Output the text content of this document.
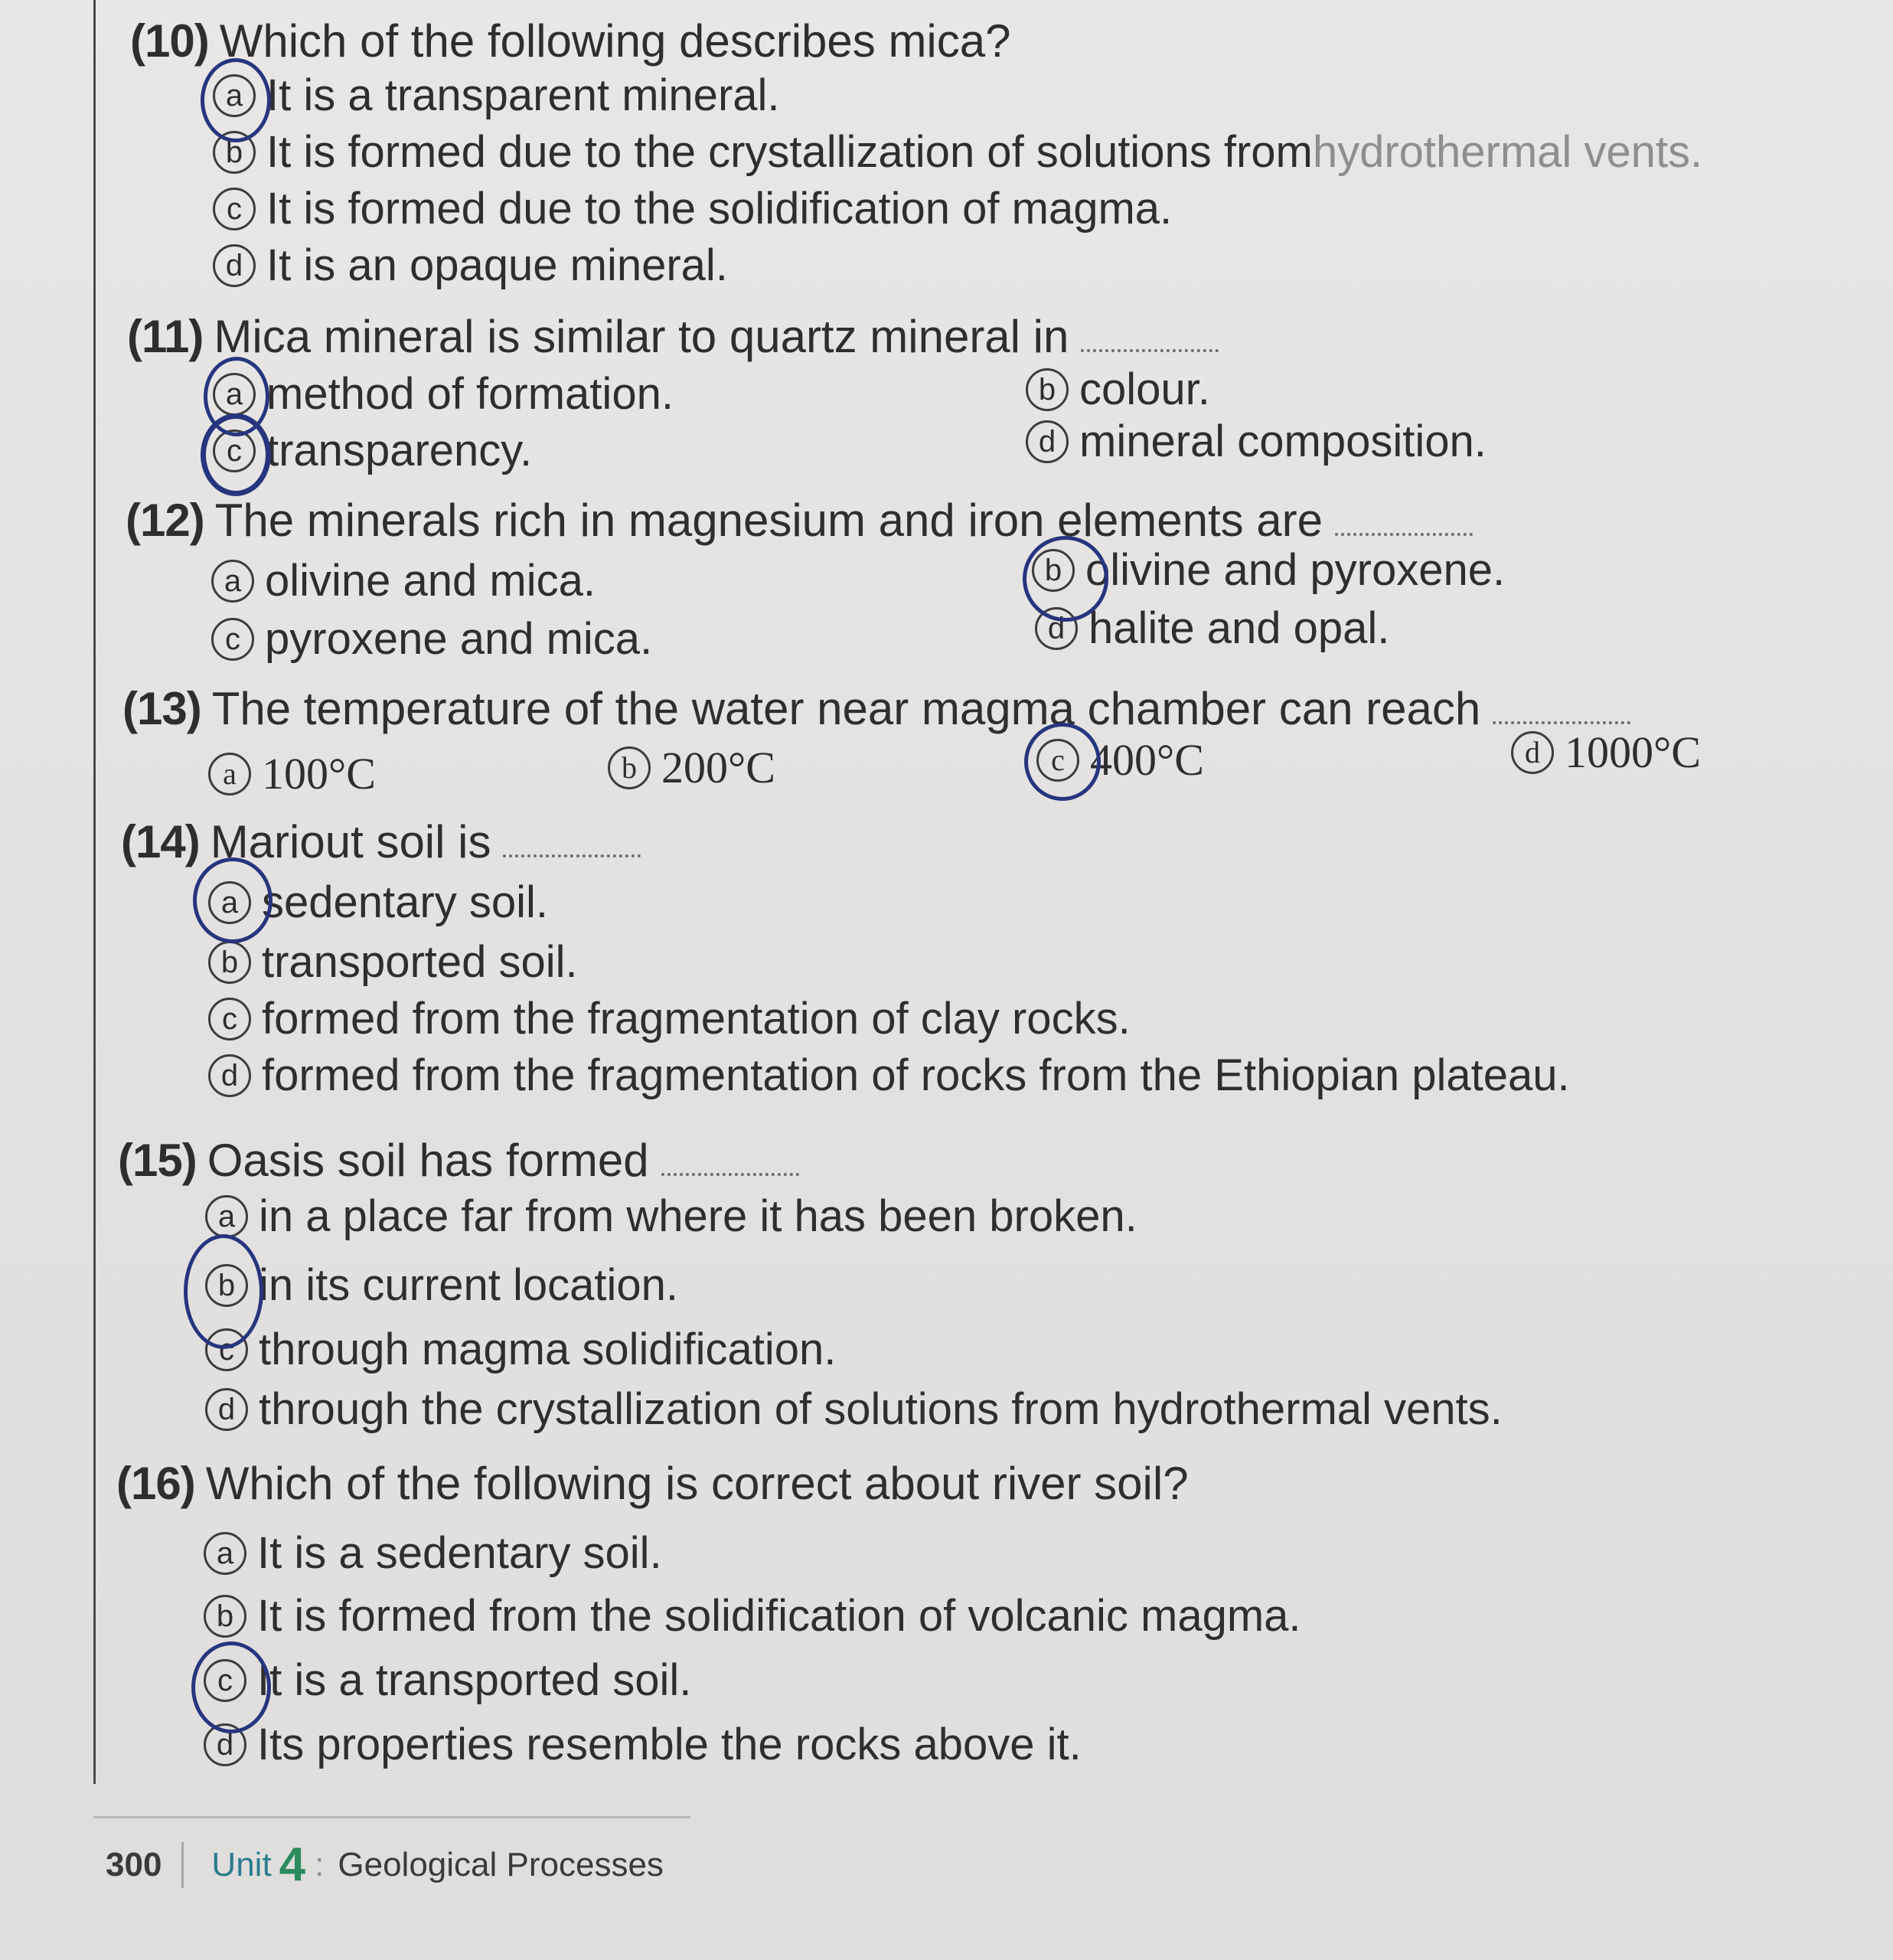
(10) Which of the following describes mica?
a It is a transparent mineral.
b It is formed due to the crystallization of solutions from hydrothermal vents.
c It is formed due to the solidification of magma.
d It is an opaque mineral.
(11) Mica mineral is similar to quartz mineral in
a method of formation.	b colour.
c transparency.	d mineral composition.
(12) The minerals rich in magnesium and iron elements are
a olivine and mica.	b olivine and pyroxene.
c pyroxene and mica.	d halite and opal.
(13) The temperature of the water near magma chamber can reach
a 100°C	b 200°C	c 400°C	d 1000°C
(14) Mariout soil is
a sedentary soil.
b transported soil.
c formed from the fragmentation of clay rocks.
d formed from the fragmentation of rocks from the Ethiopian plateau.
(15) Oasis soil has formed
a in a place far from where it has been broken.
b in its current location.
c through magma solidification.
d through the crystallization of solutions from hydrothermal vents.
(16) Which of the following is correct about river soil?
a It is a sedentary soil.
b It is formed from the solidification of volcanic magma.
c It is a transported soil.
d Its properties resemble the rocks above it.
300 Unit 4 : Geological Processes
